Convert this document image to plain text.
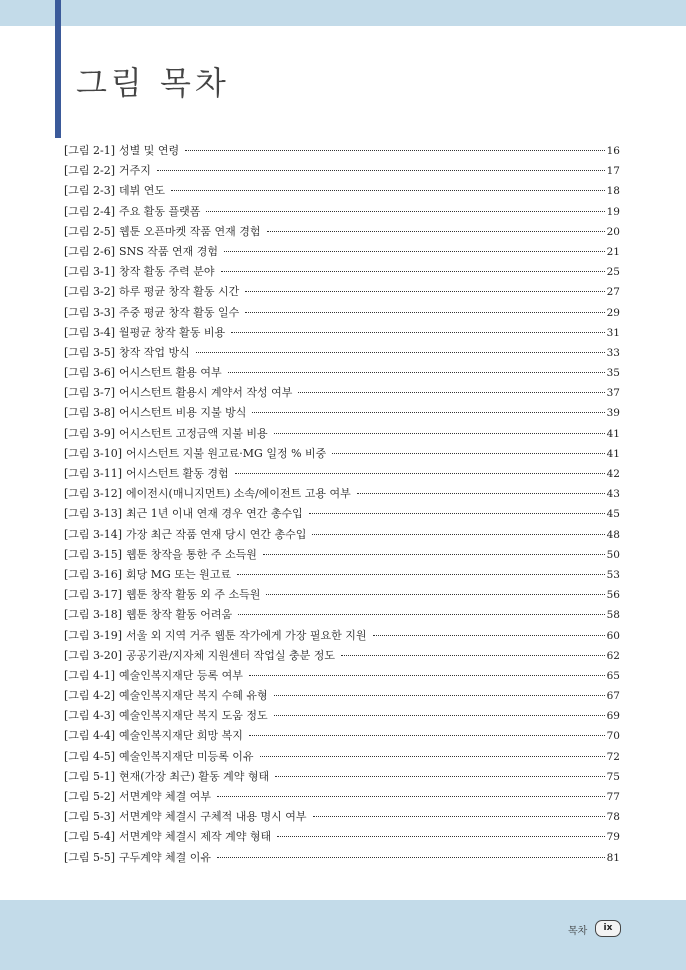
그림 목차
[그림 2-1] 성별 및 연령	16
[그림 2-2] 거주지	17
[그림 2-3] 데뷔 연도	18
[그림 2-4] 주요 활동 플랫폼	19
[그림 2-5] 웹툰 오픈마켓 작품 연재 경험	20
[그림 2-6] SNS 작품 연재 경험	21
[그림 3-1] 창작 활동 주력 분야	25
[그림 3-2] 하루 평균 창작 활동 시간	27
[그림 3-3] 주중 평균 창작 활동 일수	29
[그림 3-4] 월평균 창작 활동 비용	31
[그림 3-5] 창작 작업 방식	33
[그림 3-6] 어시스턴트 활용 여부	35
[그림 3-7] 어시스턴트 활용시 계약서 작성 여부	37
[그림 3-8] 어시스턴트 비용 지불 방식	39
[그림 3-9] 어시스턴트 고정금액 지불 비용	41
[그림 3-10] 어시스턴트 지불 원고료·MG 일정 % 비중	41
[그림 3-11] 어시스턴트 활동 경험	42
[그림 3-12] 에이전시(매니지먼트) 소속/에이전트 고용 여부	43
[그림 3-13] 최근 1년 이내 연재 경우 연간 총수입	45
[그림 3-14] 가장 최근 작품 연재 당시 연간 총수입	48
[그림 3-15] 웹툰 창작을 통한 주 소득원	50
[그림 3-16] 회당 MG 또는 원고료	53
[그림 3-17] 웹툰 창작 활동 외 주 소득원	56
[그림 3-18] 웹툰 창작 활동 어려움	58
[그림 3-19] 서울 외 지역 거주 웹툰 작가에게 가장 필요한 지원	60
[그림 3-20] 공공기관/지자체 지원센터 작업실 충분 정도	62
[그림 4-1] 예술인복지재단 등록 여부	65
[그림 4-2] 예술인복지재단 복지 수혜 유형	67
[그림 4-3] 예술인복지재단 복지 도움 정도	69
[그림 4-4] 예술인복지재단 희망 복지	70
[그림 4-5] 예술인복지재단 미등록 이유	72
[그림 5-1] 현재(가장 최근) 활동 계약 형태	75
[그림 5-2] 서면계약 체결 여부	77
[그림 5-3] 서면계약 체결시 구체적 내용 명시 여부	78
[그림 5-4] 서면계약 체결시 제작 계약 형태	79
[그림 5-5] 구두계약 체결 이유	81
목차	ix
